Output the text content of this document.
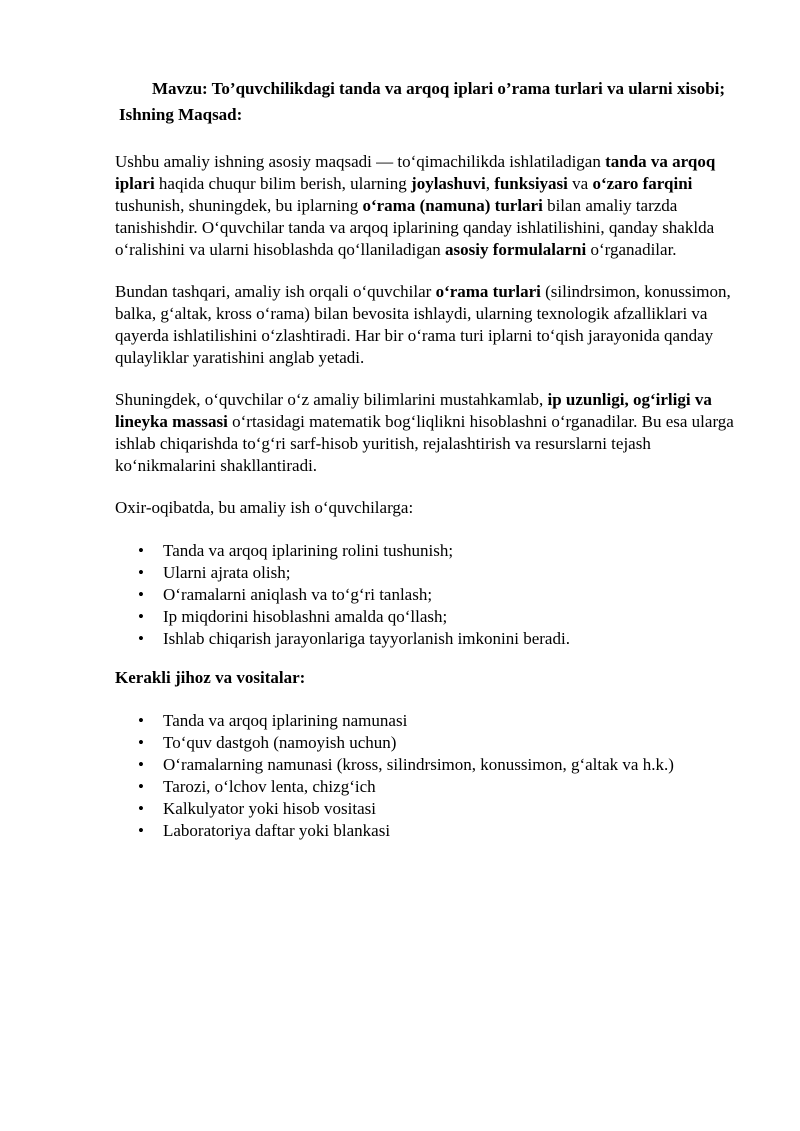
Mavzu: To’quvchilikdagi tanda va arqoq iplari o’rama turlari va ularni xisobi;

Ishning Maqsad:

Ushbu amaliy ishning asosiy maqsadi — to‘qimachilikda ishlatiladigan tanda va arqoq iplari haqida chuqur bilim berish, ularning joylashuvi, funksiyasi va o‘zaro farqini tushunish, shuningdek, bu iplarning o‘rama (namuna) turlari bilan amaliy tarzda tanishishdir. O‘quvchilar tanda va arqoq iplarining qanday ishlatilishini, qanday shaklda o‘ralishini va ularni hisoblashda qo‘llaniladigan asosiy formulalarni o‘rganadilar.

Bundan tashqari, amaliy ish orqali o‘quvchilar o‘rama turlari (silindrsimon, konussimon, balka, g‘altak, kross o‘rama) bilan bevosita ishlaydi, ularning texnologik afzalliklari va qayerda ishlatilishini o‘zlashtiradi. Har bir o‘rama turi iplarni to‘qish jarayonida qanday qulayliklar yaratishini anglab yetadi.

Shuningdek, o‘quvchilar o‘z amaliy bilimlarini mustahkamlab, ip uzunligi, og‘irligi va lineyka massasi o‘rtasidagi matematik bog‘liqlikni hisoblashni o‘rganadilar. Bu esa ularga ishlab chiqarishda to‘g‘ri sarf-hisob yuritish, rejalashtirish va resurslarni tejash ko‘nikmalarini shakllantiradi.

Oxir-oqibatda, bu amaliy ish o‘quvchilarga:

• Tanda va arqoq iplarining rolini tushunish;
• Ularni ajrata olish;
• O‘ramalarni aniqlash va to‘g‘ri tanlash;
• Ip miqdorini hisoblashni amalda qo‘llash;
• Ishlab chiqarish jarayonlariga tayyorlanish imkonini beradi.

Kerakli jihoz va vositalar:

• Tanda va arqoq iplarining namunasi
• To‘quv dastgoh (namoyish uchun)
• O‘ramalarning namunasi (kross, silindrsimon, konussimon, g‘altak va h.k.)
• Tarozi, o‘lchov lenta, chizg‘ich
• Kalkulyator yoki hisob vositasi
• Laboratoriya daftar yoki blankasi
